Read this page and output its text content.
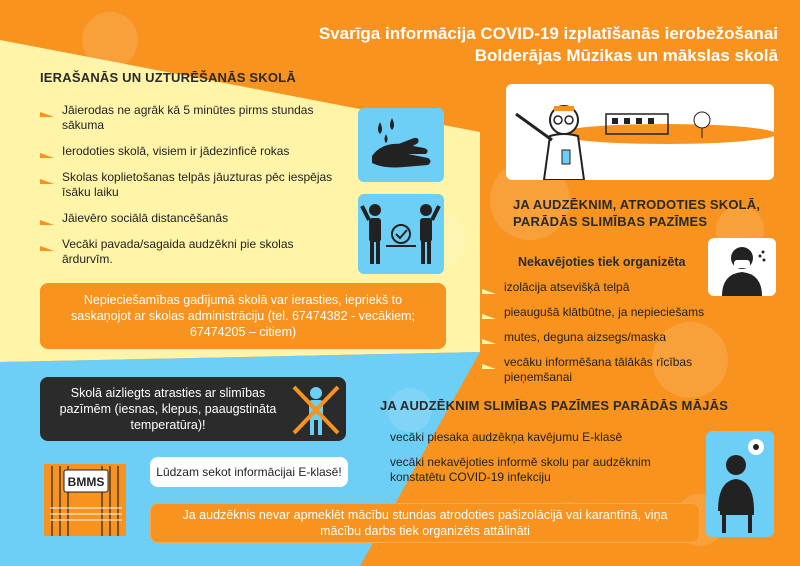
Svarīga informācija COVID-19 izplatīšanās ierobežošanai
Bolderājas Mūzikas un mākslas skolā
IERAŠANĀS UN UZTURĒŠANĀS SKOLĀ
Jāierodas ne agrāk kā 5 minūtes pirms stundas sākuma
Ierodoties skolā, visiem ir jādezinficē rokas
Skolas koplietošanas telpās jāuzturas pēc iespējas īsāku laiku
Jāievēro sociālā distancēšanās
Vecāki pavada/sagaida audzēkni pie skolas ārdurvīm.
Nepieciešamības gadījumā skolā var ierasties, iepriekš to saskaņojot ar skolas administrāciju (tel. 67474382 - vecākiem; 67474205 – citiem)
JA AUDZĒKNIM, ATRODOTIES SKOLĀ, PARĀDĀS SLIMĪBAS PAZĪMES
Nekavējoties tiek organizēta
izolācija atsevišķā telpā
pieaugušā klātbūtne, ja nepieciešams
mutes, deguna aizsegs/maska
vecāku informēšana tālākās rīcības pieņemšanai
Skolā aizliegts atrasties ar slimības pazīmēm (iesnas, klepus, paaugstināta temperatūra)!
BMMS
Lūdzam sekot informācijai E-klasē!
JA AUDZĒKNIM SLIMĪBAS PAZĪMES PARĀDĀS MĀJĀS
vecāki piesaka audzēkņa kavējumu E-klasē
vecāki nekavējoties informē skolu par audzēknim konstatētu COVID-19 infekciju
Ja audzēknis nevar apmeklēt mācību stundas atrodoties pašizolācijā vai karantīnā, viņa mācību darbs tiek organizēts attālināti
